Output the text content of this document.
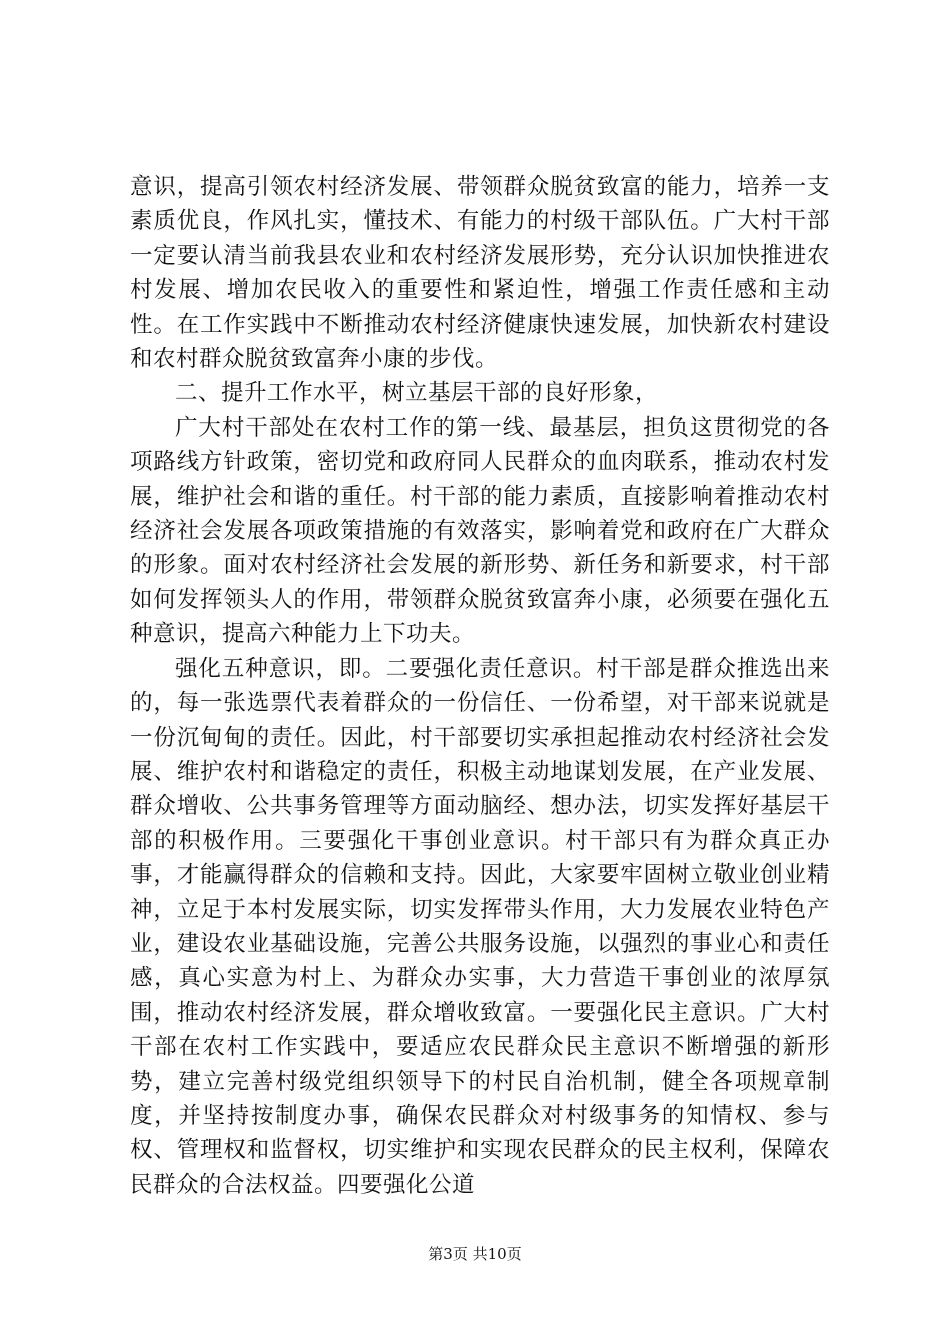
意识，提高引领农村经济发展、带领群众脱贫致富的能力，培养一支素质优良，作风扎实，懂技术、有能力的村级干部队伍。广大村干部一定要认清当前我县农业和农村经济发展形势，充分认识加快推进农村发展、增加农民收入的重要性和紧迫性，增强工作责任感和主动性。在工作实践中不断推动农村经济健康快速发展，加快新农村建设和农村群众脱贫致富奔小康的步伐。

二、提升工作水平，树立基层干部的良好形象，

广大村干部处在农村工作的第一线、最基层，担负这贯彻党的各项路线方针政策，密切党和政府同人民群众的血肉联系，推动农村发展，维护社会和谐的重任。村干部的能力素质，直接影响着推动农村经济社会发展各项政策措施的有效落实，影响着党和政府在广大群众的形象。面对农村经济社会发展的新形势、新任务和新要求，村干部如何发挥领头人的作用，带领群众脱贫致富奔小康，必须要在强化五种意识，提高六种能力上下功夫。

强化五种意识，即。二要强化责任意识。村干部是群众推选出来的，每一张选票代表着群众的一份信任、一份希望，对干部来说就是一份沉甸甸的责任。因此，村干部要切实承担起推动农村经济社会发展、维护农村和谐稳定的责任，积极主动地谋划发展，在产业发展、群众增收、公共事务管理等方面动脑经、想办法，切实发挥好基层干部的积极作用。三要强化干事创业意识。村干部只有为群众真正办事，才能赢得群众的信赖和支持。因此，大家要牢固树立敬业创业精神，立足于本村发展实际，切实发挥带头作用，大力发展农业特色产业，建设农业基础设施，完善公共服务设施，以强烈的事业心和责任感，真心实意为村上、为群众办实事，大力营造干事创业的浓厚氛围，推动农村经济发展，群众增收致富。一要强化民主意识。广大村干部在农村工作实践中，要适应农民群众民主意识不断增强的新形势，建立完善村级党组织领导下的村民自治机制，健全各项规章制度，并坚持按制度办事，确保农民群众对村级事务的知情权、参与权、管理权和监督权，切实维护和实现农民群众的民主权利，保障农民群众的合法权益。四要强化公道

第3页 共10页
